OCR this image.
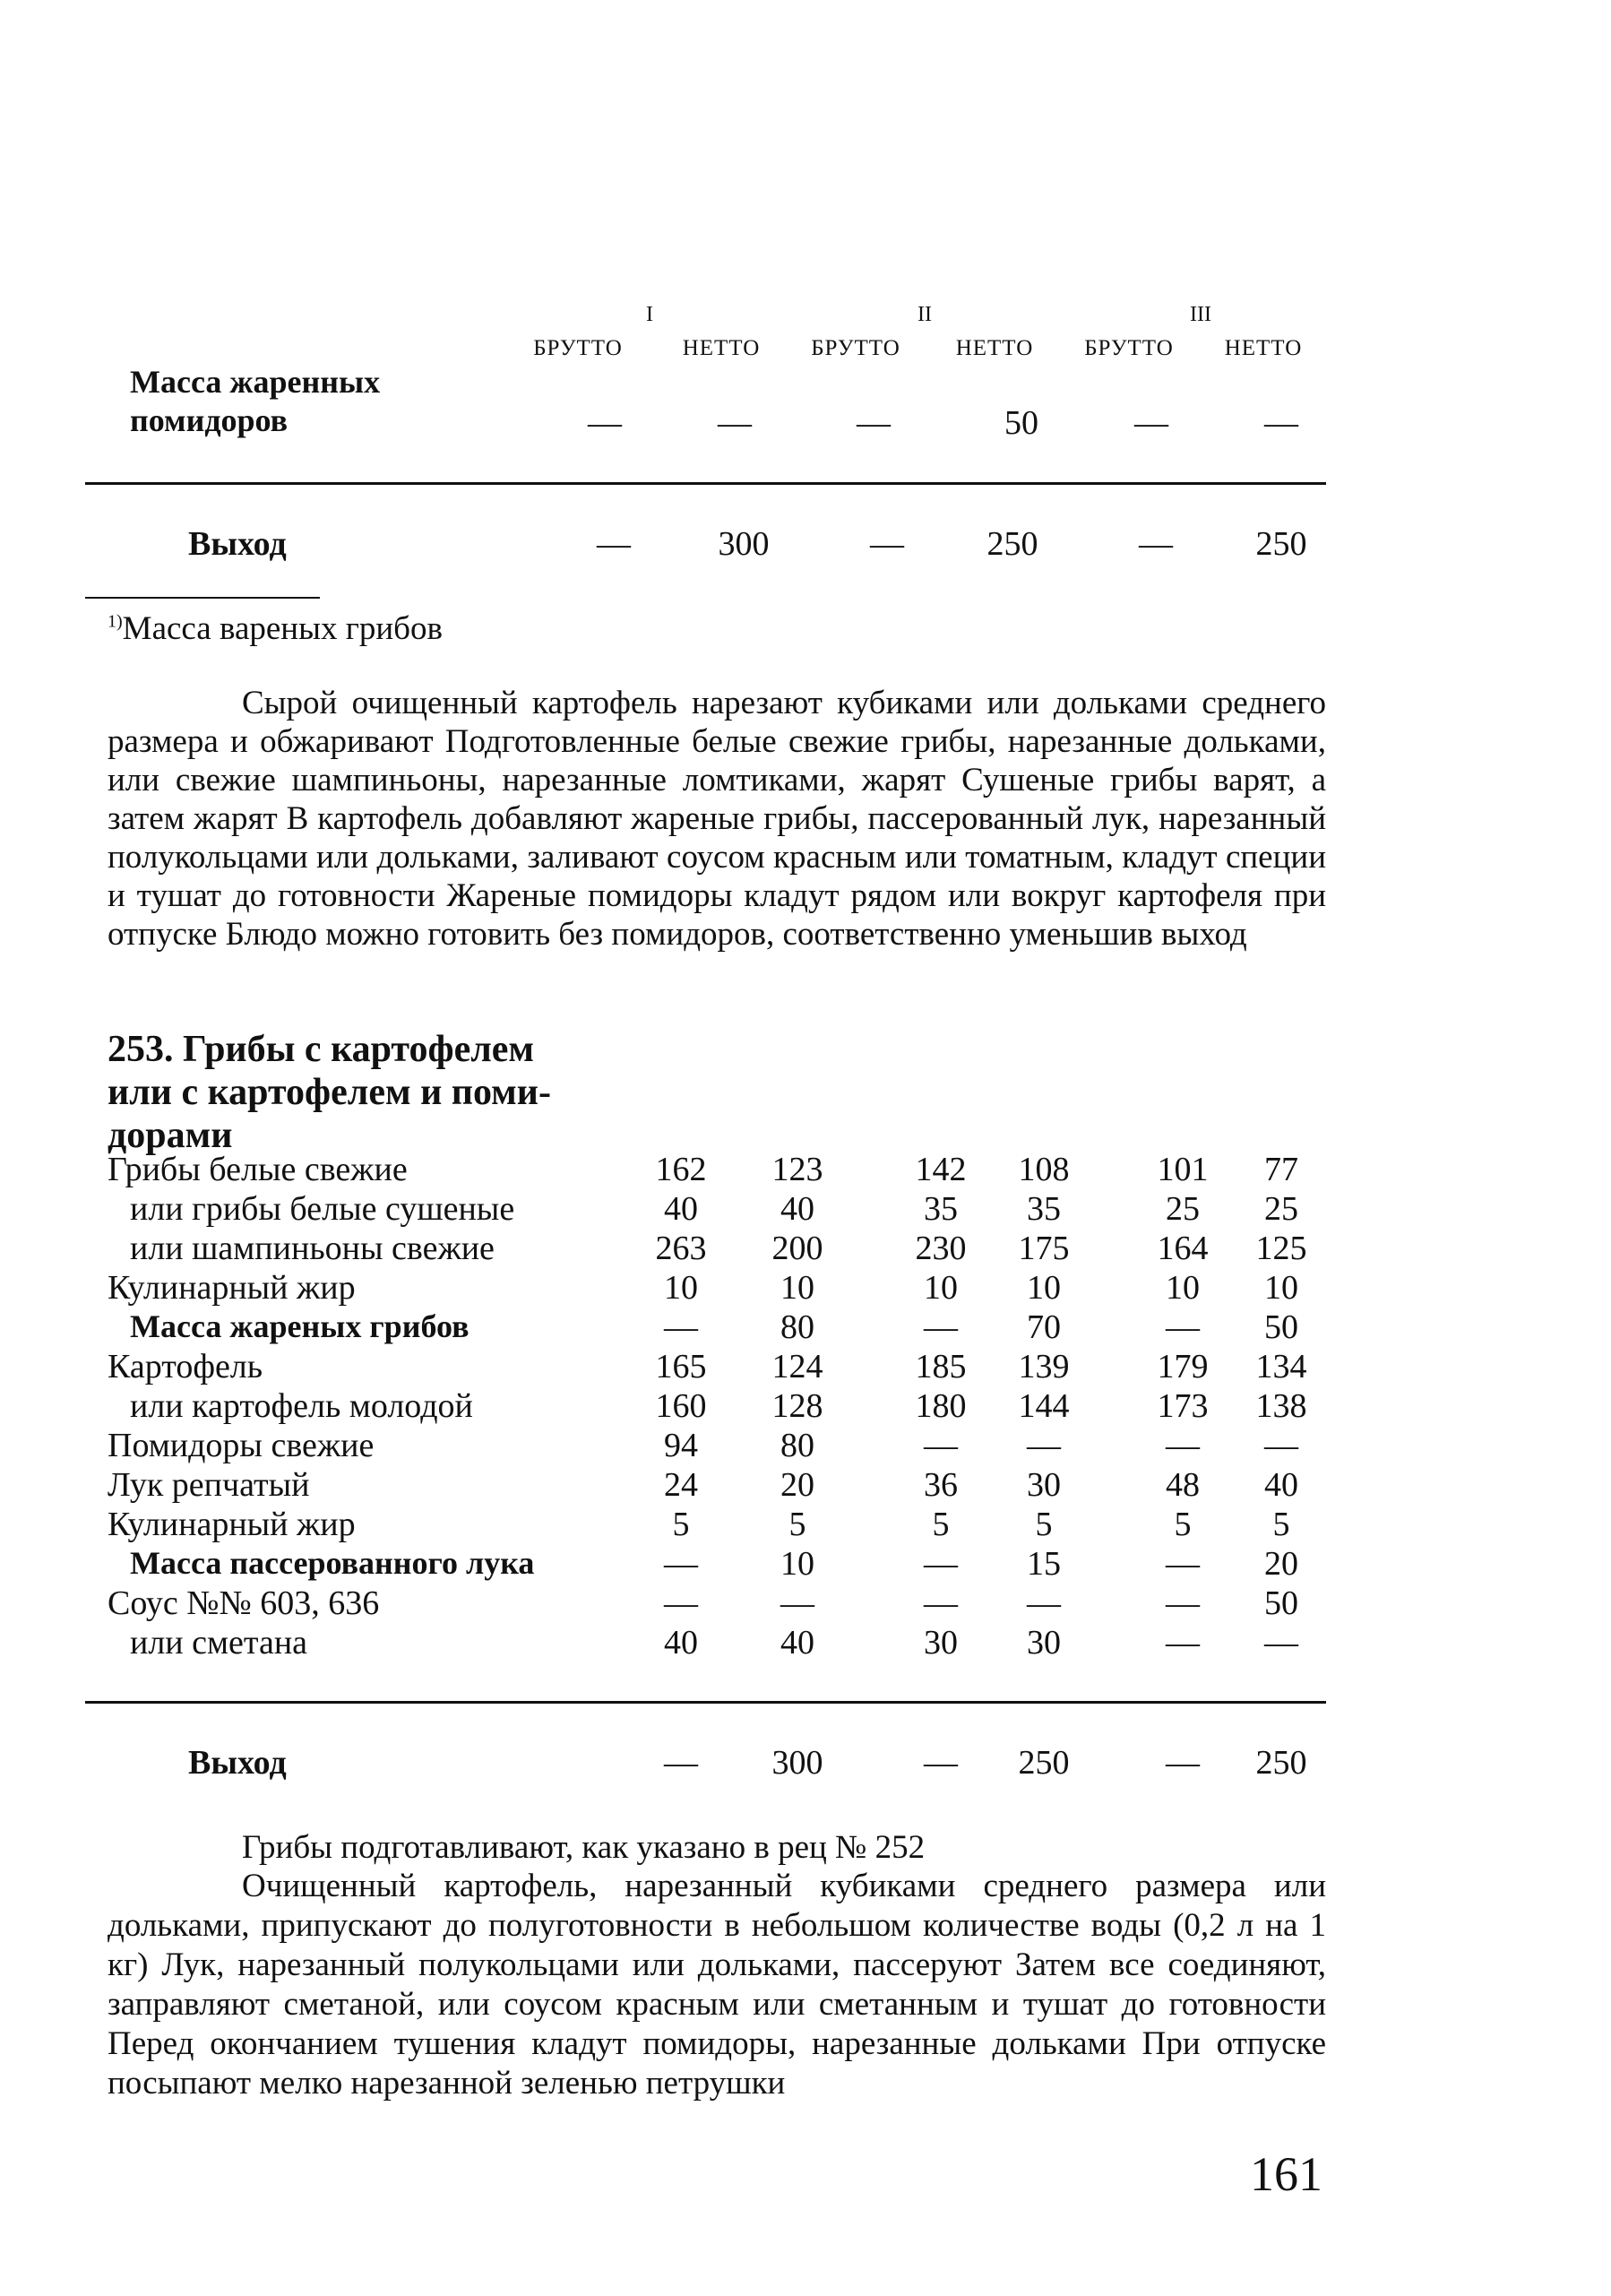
I	II	III
БРУТТО	НЕТТО	БРУТТО	НЕТТО	БРУТТО	НЕТТО
Масса жаренных
помидоров	—	—	—	50	—	—
Выход	—	300	—	250	—	250
$^{1)}$Масса вареных грибов

Сырой очищенный картофель нарезают кубиками или дольками среднего размера и обжаривают Подготовленные белые свежие грибы, нарезанные дольками, или свежие шампиньоны, нарезанные ломтиками, жарят Сушеные грибы варят, а затем жарят В картофель добавляют жареные грибы, пассерованный лук, нарезанный полукольцами или дольками, заливают соусом красным или томатным, кладут специи и тушат до готовности Жареные помидоры кладут рядом или вокруг картофеля при отпуске Блюдо можно готовить без помидоров, соответственно уменьшив выход

253. Грибы с картофелем
или с картофелем и поми-
дорами
Грибы белые свежие	162	123	142	108	101	77
или грибы белые сушеные	40	40	35	35	25	25
или шампиньоны свежие	263	200	230	175	164	125
Кулинарный жир	10	10	10	10	10	10
Масса жареных грибов	—	80	—	70	—	50
Картофель	165	124	185	139	179	134
или картофель молодой	160	128	180	144	173	138
Помидоры свежие	94	80	—	—	—	—
Лук репчатый	24	20	36	30	48	40
Кулинарный жир	5	5	5	5	5	5
Масса пассерованного лука	—	10	—	15	—	20
Соус №№ 603, 636	—	—	—	—	—	50
или сметана	40	40	30	30	—	—
Выход	—	300	—	250	—	250
Грибы подготавливают, как указано в рец № 252

Очищенный картофель, нарезанный кубиками среднего размера или дольками, припускают до полуготовности в небольшом количестве воды (0,2 л на 1 кг) Лук, нарезанный полукольцами или дольками, пассеруют Затем все соединяют, заправляют сметаной, или соусом красным или сметанным и тушат до готовности Перед окончанием тушения кладут помидоры, нарезанные дольками При отпуске посыпают мелко нарезанной зеленью петрушки

161
